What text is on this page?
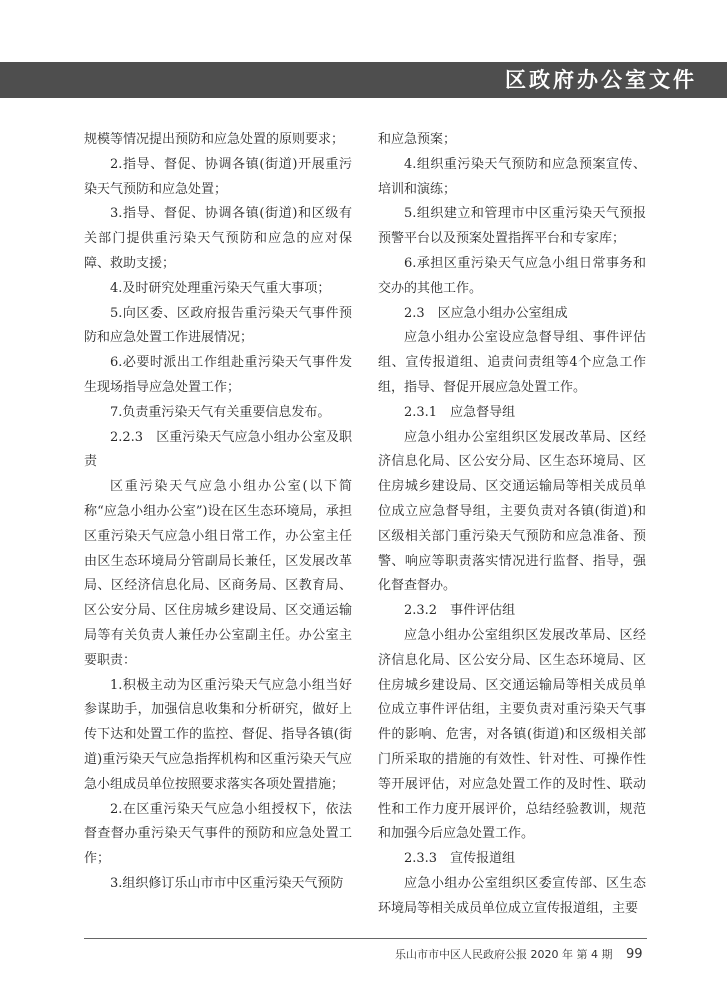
区政府办公室文件

规模等情况提出预防和应急处置的原则要求；

2.指导、督促、协调各镇(街道)开展重污染天气预防和应急处置；

3.指导、督促、协调各镇(街道)和区级有关部门提供重污染天气预防和应急的应对保障、救助支援；

4.及时研究处理重污染天气重大事项；

5.向区委、区政府报告重污染天气事件预防和应急处置工作进展情况；

6.必要时派出工作组赴重污染天气事件发生现场指导应急处置工作；

7.负责重污染天气有关重要信息发布。

2.2.3　区重污染天气应急小组办公室及职责

区重污染天气应急小组办公室(以下简称“应急小组办公室”)设在区生态环境局，承担区重污染天气应急小组日常工作，办公室主任由区生态环境局分管副局长兼任，区发展改革局、区经济信息化局、区商务局、区教育局、区公安分局、区住房城乡建设局、区交通运输局等有关负责人兼任办公室副主任。办公室主要职责：

1.积极主动为区重污染天气应急小组当好参谋助手，加强信息收集和分析研究，做好上传下达和处置工作的监控、督促、指导各镇(街道)重污染天气应急指挥机构和区重污染天气应急小组成员单位按照要求落实各项处置措施；

2.在区重污染天气应急小组授权下，依法督查督办重污染天气事件的预防和应急处置工作；

3.组织修订乐山市市中区重污染天气预防

和应急预案；

4.组织重污染天气预防和应急预案宣传、培训和演练；

5.组织建立和管理市中区重污染天气预报预警平台以及预案处置指挥平台和专家库；

6.承担区重污染天气应急小组日常事务和交办的其他工作。

2.3　区应急小组办公室组成

应急小组办公室设应急督导组、事件评估组、宣传报道组、追责问责组等4个应急工作组，指导、督促开展应急处置工作。

2.3.1　应急督导组

应急小组办公室组织区发展改革局、区经济信息化局、区公安分局、区生态环境局、区住房城乡建设局、区交通运输局等相关成员单位成立应急督导组，主要负责对各镇(街道)和区级相关部门重污染天气预防和应急准备、预警、响应等职责落实情况进行监督、指导，强化督查督办。

2.3.2　事件评估组

应急小组办公室组织区发展改革局、区经济信息化局、区公安分局、区生态环境局、区住房城乡建设局、区交通运输局等相关成员单位成立事件评估组，主要负责对重污染天气事件的影响、危害，对各镇(街道)和区级相关部门所采取的措施的有效性、针对性、可操作性等开展评估，对应急处置工作的及时性、联动性和工作力度开展评价，总结经验教训，规范和加强今后应急处置工作。

2.3.3　宣传报道组

应急小组办公室组织区委宣传部、区生态环境局等相关成员单位成立宣传报道组，主要

乐山市市中区人民政府公报 2020 年 第 4 期 99
